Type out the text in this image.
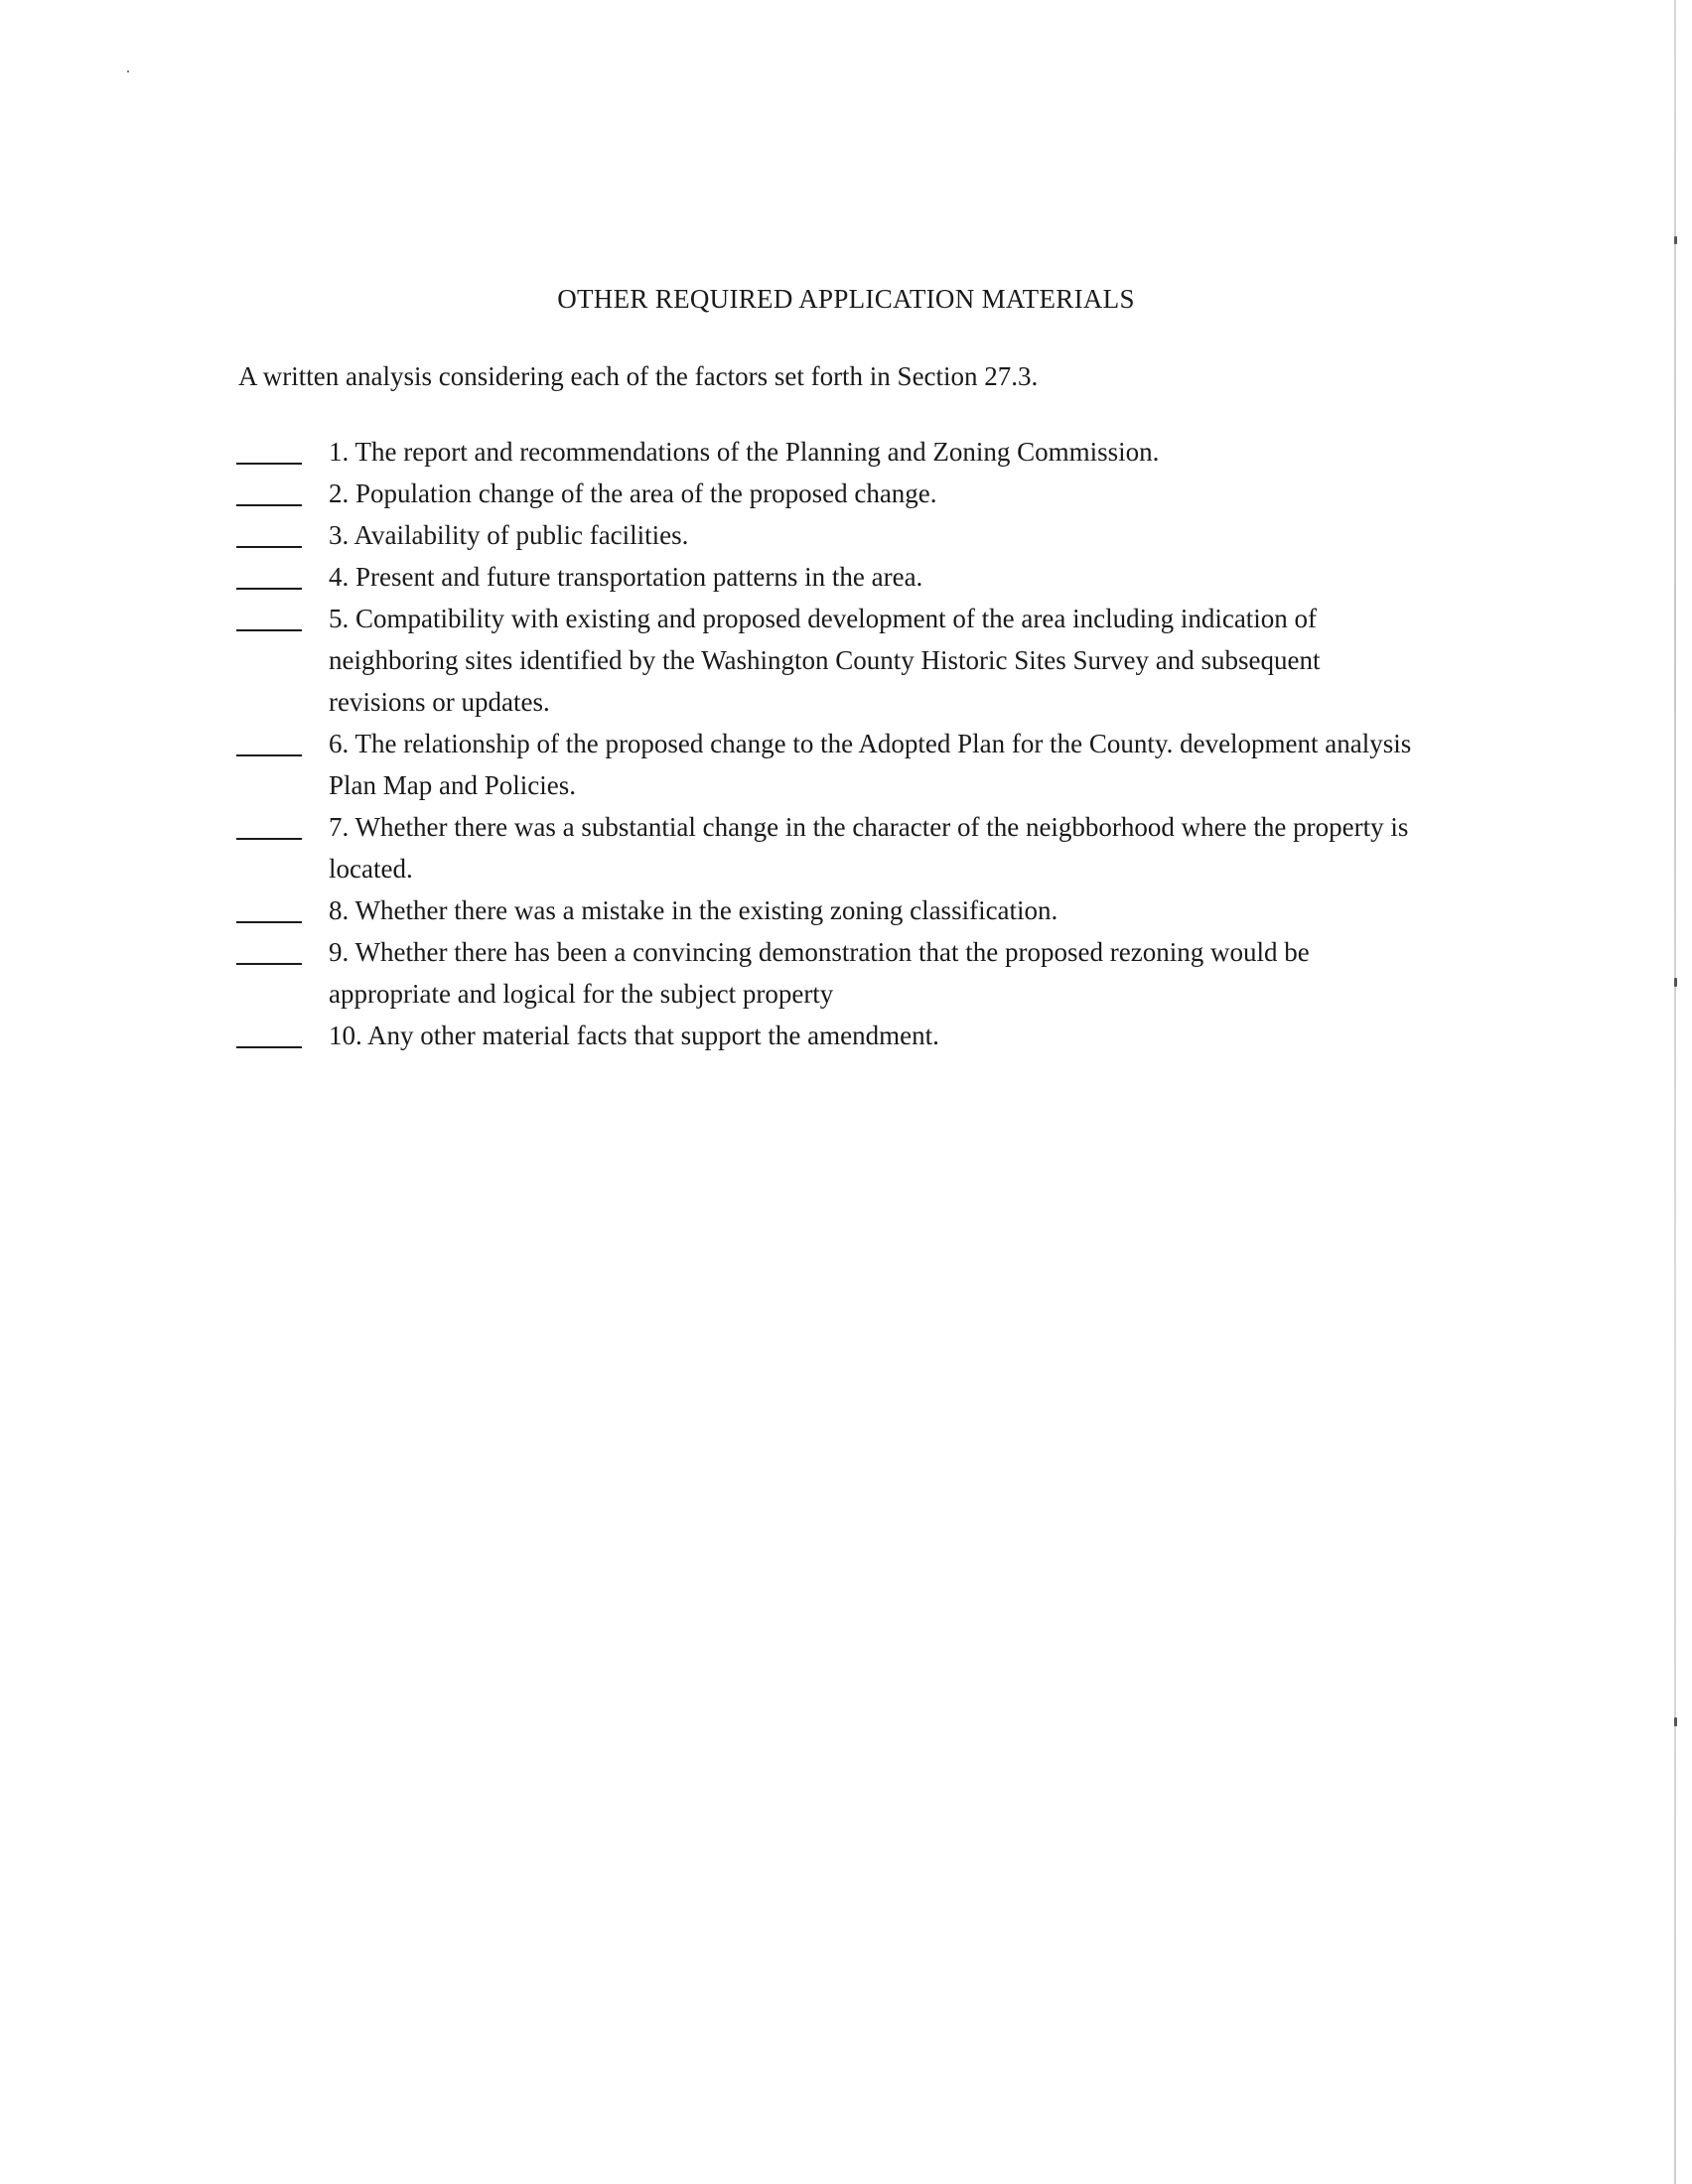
OTHER REQUIRED APPLICATION MATERIALS

A written analysis considering each of the factors set forth in Section 27.3.

1. The report and recommendations of the Planning and Zoning Commission.
2. Population change of the area of the proposed change.
3. Availability of public facilities.
4. Present and future transportation patterns in the area.
5. Compatibility with existing and proposed development of the area including indication of neighboring sites identified by the Washington County Historic Sites Survey and subsequent revisions or updates.
6. The relationship of the proposed change to the Adopted Plan for the County. development analysis Plan Map and Policies.
7. Whether there was a substantial change in the character of the neigbborhood where the property is located.
8. Whether there was a mistake in the existing zoning classification.
9. Whether there has been a convincing demonstration that the proposed rezoning would be appropriate and logical for the subject property
10. Any other material facts that support the amendment.
